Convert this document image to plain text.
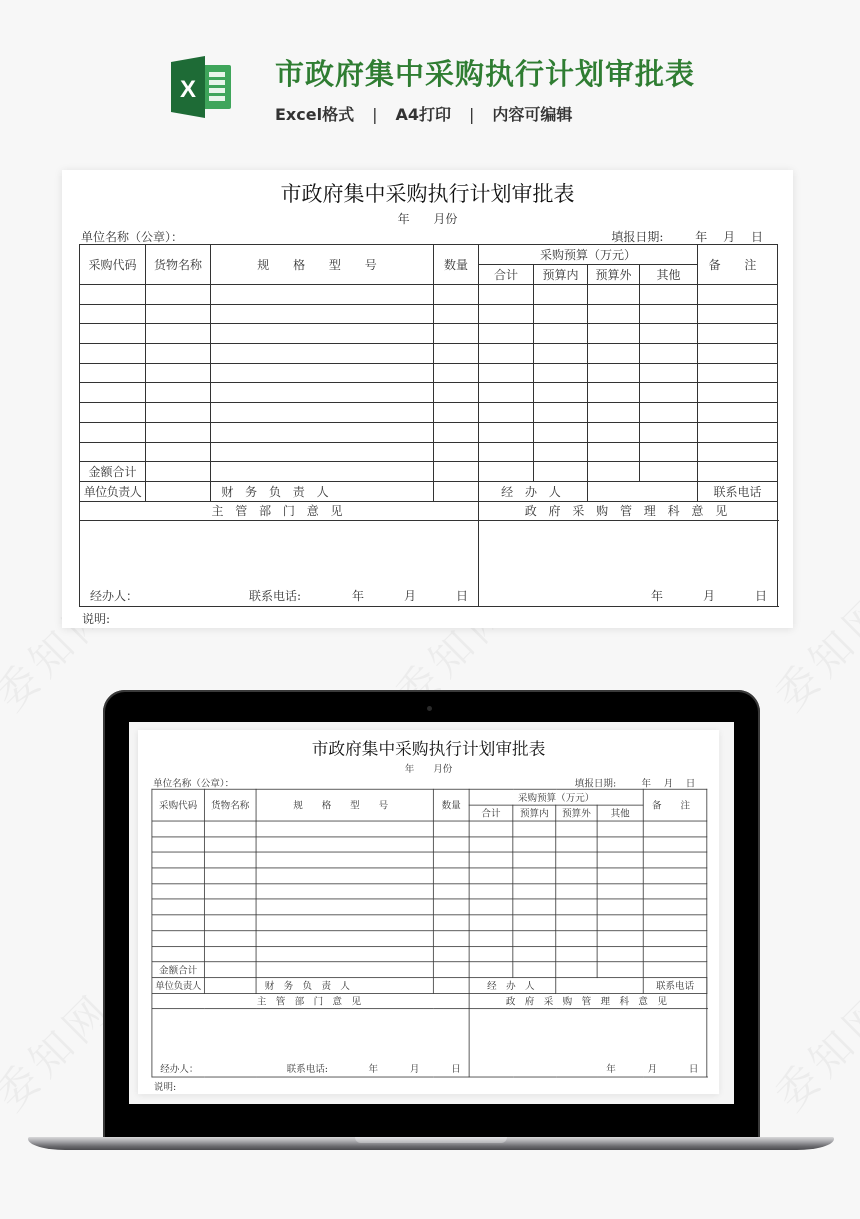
X	市政府集中采购执行计划审批表
Excel格式 | A4打印 | 内容可编辑
市政府集中采购执行计划审批表
年 月份
单位名称（公章）：	填报日期:	年 月 日
采购代码	货物名称	规 格 型 号	数量	采购预算（万元）				备 注	
				合计	预算内	预算外	其他		

金额合计									
单位负责人		财 务 负 责 人		经 办 人				联系电话	
主 管 部 门 意 见				政 府 采 购 管 理 科 意 见					

经办人： 联系电话: 年 月 日				年 月 日					
说明:
市政府集中采购执行计划审批表
年 月份
单位名称（公章）：	填报日期: 年 月 日
采购代码	货物名称	规 格 型 号	数量	采购预算（万元）				备 注	
				合计	预算内	预算外	其他		

金额合计									
单位负责人		财 务 负 责 人		经 办 人				联系电话	
主 管 部 门 意 见				政 府 采 购 管 理 科 意 见					

经办人： 联系电话: 年 月 日				年 月 日					
说明:
